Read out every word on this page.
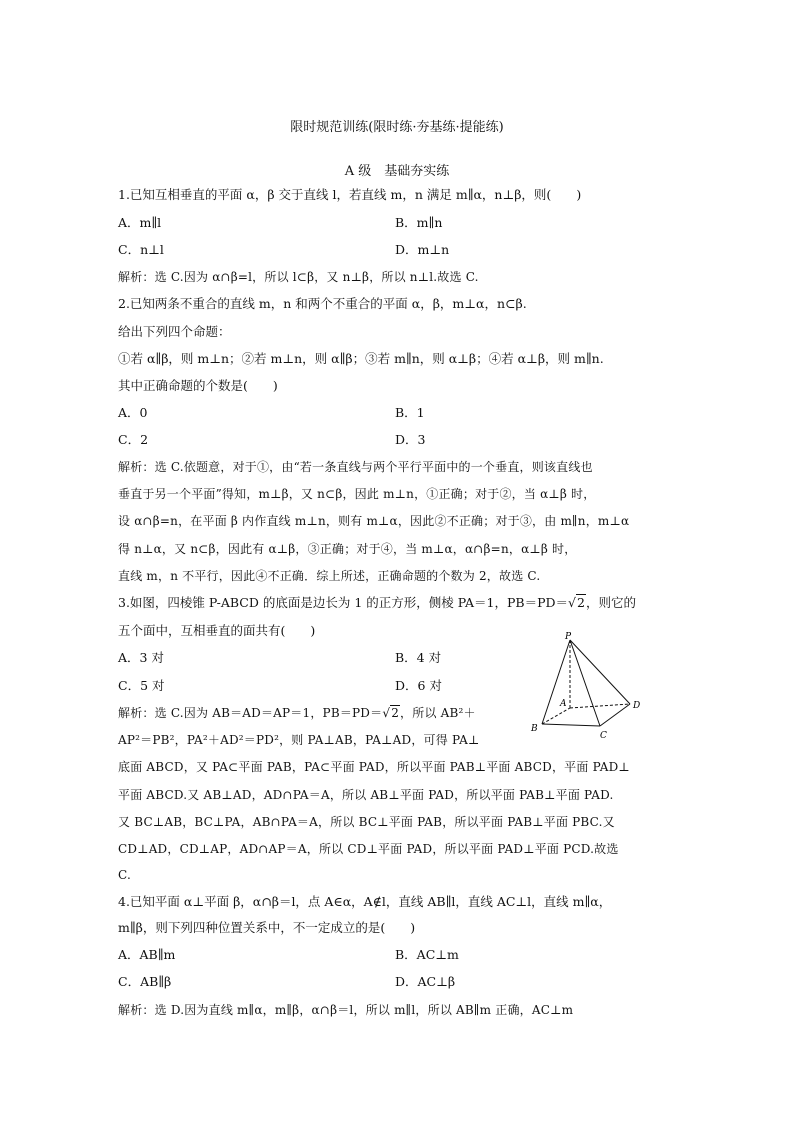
限时规范训练(限时练·夯基练·提能练)
A 级　基础夯实练
1.已知互相垂直的平面 α，β 交于直线 l，若直线 m，n 满足 m∥α，n⊥β，则(　　)
A．m∥l	B．m∥n
C．n⊥l	D．m⊥n
解析：选 C.因为 α∩β=l，所以 l⊂β，又 n⊥β，所以 n⊥l.故选 C.
2.已知两条不重合的直线 m，n 和两个不重合的平面 α，β，m⊥α，n⊂β.
给出下列四个命题：
①若 α∥β，则 m⊥n；②若 m⊥n，则 α∥β；③若 m∥n，则 α⊥β；④若 α⊥β，则 m∥n.
其中正确命题的个数是(　　)
A．0	B．1
C．2	D．3
解析：选 C.依题意，对于①，由“若一条直线与两个平行平面中的一个垂直，则该直线也
垂直于另一个平面”得知，m⊥β，又 n⊂β，因此 m⊥n，①正确；对于②，当 α⊥β 时，
设 α∩β=n，在平面 β 内作直线 m⊥n，则有 m⊥α，因此②不正确；对于③，由 m∥n，m⊥α
得 n⊥α，又 n⊂β，因此有 α⊥β，③正确；对于④，当 m⊥α，α∩β=n，α⊥β 时，
直线 m，n 不平行，因此④不正确．综上所述，正确命题的个数为 2，故选 C.
3.如图，四棱锥 P-ABCD 的底面是边长为 1 的正方形，侧棱 PA＝1，PB＝PD＝√2，则它的
五个面中，互相垂直的面共有(　　)
A．3 对	B．4 对
C．5 对	D．6 对
解析：选 C.因为 AB＝AD＝AP＝1，PB＝PD＝√2，所以 AB²＋
AP²＝PB²，PA²＋AD²＝PD²，则 PA⊥AB，PA⊥AD，可得 PA⊥
底面 ABCD，又 PA⊂平面 PAB，PA⊂平面 PAD，所以平面 PAB⊥平面 ABCD，平面 PAD⊥
平面 ABCD.又 AB⊥AD，AD∩PA＝A，所以 AB⊥平面 PAD，所以平面 PAB⊥平面 PAD.
又 BC⊥AB，BC⊥PA，AB∩PA＝A，所以 BC⊥平面 PAB，所以平面 PAB⊥平面 PBC.又
CD⊥AD，CD⊥AP，AD∩AP＝A，所以 CD⊥平面 PAD，所以平面 PAD⊥平面 PCD.故选
C.
P
A
B
C
D
4.已知平面 α⊥平面 β，α∩β＝l，点 A∈α，A∉l，直线 AB∥l，直线 AC⊥l，直线 m∥α，
m∥β，则下列四种位置关系中，不一定成立的是(　　)
A．AB∥m	B．AC⊥m
C．AB∥β	D．AC⊥β
解析：选 D.因为直线 m∥α，m∥β，α∩β＝l，所以 m∥l，所以 AB∥m 正确，AC⊥m
